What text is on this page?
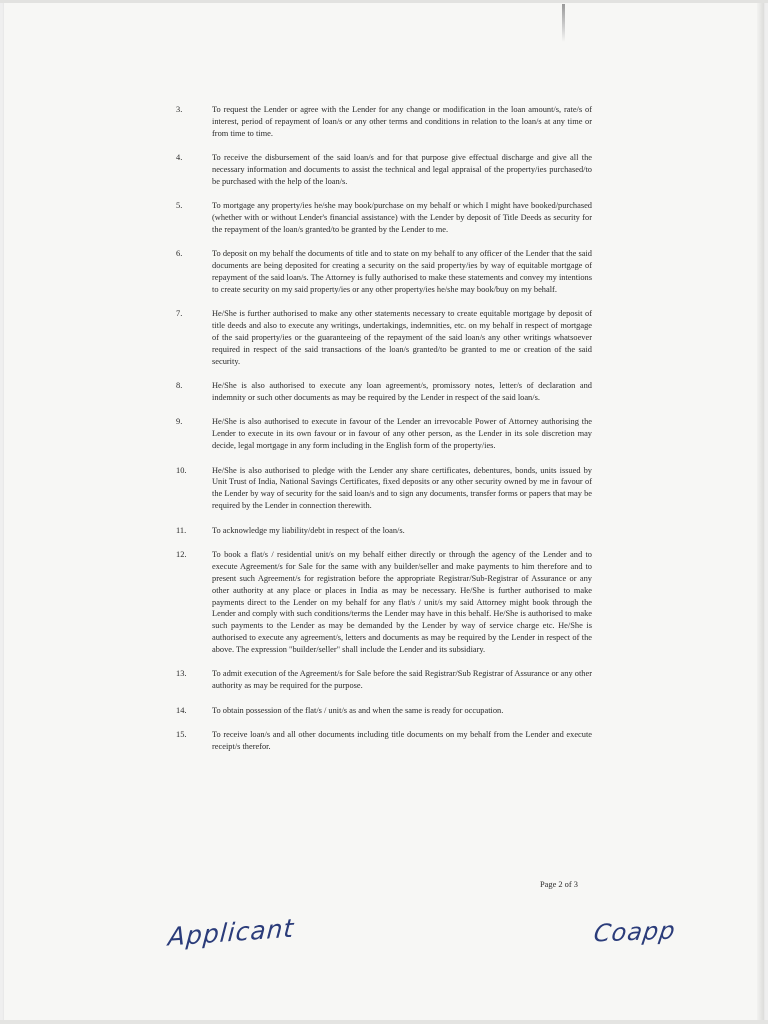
3.	To request the Lender or agree with the Lender for any change or modification in the loan amount/s, rate/s of interest, period of repayment of loan/s or any other terms and conditions in relation to the loan/s at any time or from time to time.
4.	To receive the disbursement of the said loan/s and for that purpose give effectual discharge and give all the necessary information and documents to assist the technical and legal appraisal of the property/ies purchased/to be purchased with the help of the loan/s.
5.	To mortgage any property/ies he/she may book/purchase on my behalf or which I might have booked/purchased (whether with or without Lender's financial assistance) with the Lender by deposit of Title Deeds as security for the repayment of the loan/s granted/to be granted by the Lender to me.
6.	To deposit on my behalf the documents of title and to state on my behalf to any officer of the Lender that the said documents are being deposited for creating a security on the said property/ies by way of equitable mortgage of repayment of the said loan/s. The Attorney is fully authorised to make these statements and convey my intentions to create security on my said property/ies or any other property/ies he/she may book/buy on my behalf.
7.	He/She is further authorised to make any other statements necessary to create equitable mortgage by deposit of title deeds and also to execute any writings, undertakings, indemnities, etc. on my behalf in respect of mortgage of the said property/ies or the guaranteeing of the repayment of the said loan/s any other writings whatsoever required in respect of the said transactions of the loan/s granted/to be granted to me or creation of the said security.
8.	He/She is also authorised to execute any loan agreement/s, promissory notes, letter/s of declaration and indemnity or such other documents as may be required by the Lender in respect of the said loan/s.
9.	He/She is also authorised to execute in favour of the Lender an irrevocable Power of Attorney authorising the Lender to execute in its own favour or in favour of any other person, as the Lender in its sole discretion may decide, legal mortgage in any form including in the English form of the property/ies.
10.	He/She is also authorised to pledge with the Lender any share certificates, debentures, bonds, units issued by Unit Trust of India, National Savings Certificates, fixed deposits or any other security owned by me in favour of the Lender by way of security for the said loan/s and to sign any documents, transfer forms or papers that may be required by the Lender in connection therewith.
11.	To acknowledge my liability/debt in respect of the loan/s.
12.	To book a flat/s / residential unit/s on my behalf either directly or through the agency of the Lender and to execute Agreement/s for Sale for the same with any builder/seller and make payments to him therefore and to present such Agreement/s for registration before the appropriate Registrar/Sub-Registrar of Assurance or any other authority at any place or places in India as may be necessary. He/She is further authorised to make payments direct to the Lender on my behalf for any flat/s / unit/s my said Attorney might book through the Lender and comply with such conditions/terms the Lender may have in this behalf. He/She is authorised to make such payments to the Lender as may be demanded by the Lender by way of service charge etc. He/She is authorised to execute any agreement/s, letters and documents as may be required by the Lender in respect of the above. The expression "builder/seller" shall include the Lender and its subsidiary.
13.	To admit execution of the Agreement/s for Sale before the said Registrar/Sub Registrar of Assurance or any other authority as may be required for the purpose.
14.	To obtain possession of the flat/s / unit/s as and when the same is ready for occupation.
15.	To receive loan/s and all other documents including title documents on my behalf from the Lender and execute receipt/s therefor.
Page 2 of 3
Applicant	Coapp
